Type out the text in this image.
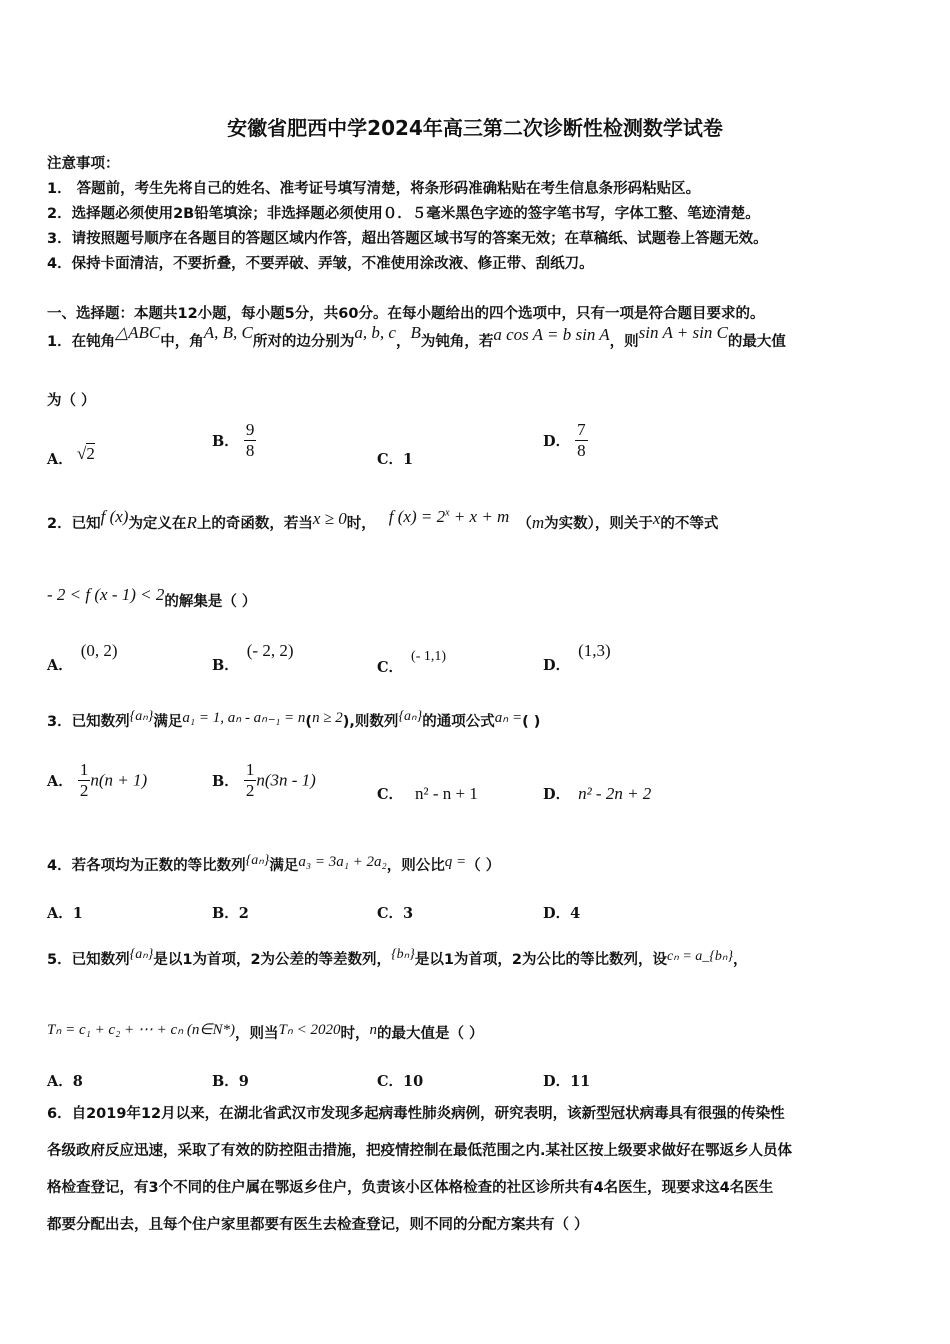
安徽省肥西中学2024年高三第二次诊断性检测数学试卷
注意事项：
1． 答题前，考生先将自己的姓名、准考证号填写清楚，将条形码准确粘贴在考生信息条形码粘贴区。
2．选择题必须使用2B铅笔填涂；非选择题必须使用０．５毫米黑色字迹的签字笔书写，字体工整、笔迹清楚。
3．请按照题号顺序在各题目的答题区域内作答，超出答题区域书写的答案无效；在草稿纸、试题卷上答题无效。
4．保持卡面清洁，不要折叠，不要弄破、弄皱，不准使用涂改液、修正带、刮纸刀。
一、选择题：本题共12小题，每小题5分，共60分。在每小题给出的四个选项中，只有一项是符合题目要求的。
1．在钝角△ABC中，角A, B, C所对的边分别为a, b, c，B为钝角，若a cos A = b sin A，则sin A + sin C的最大值
为（ ）
A． √2
B． $\frac{9}{8}$	C．1
D． $\frac{7}{8}$
2．已知f (x)为定义在R上的奇函数，若当x ≥ 0时， f $(x) = 2^x + x + m$ （m为实数），则关于x的不等式
- 2 < f (x - 1) < 2的解集是（ ）
A．(0, 2)
B．(- 2, 2)
C．(- 1,1)
D．(1,3)
3．已知数列{aₙ}满足a₁ = 1, aₙ - aₙ₋₁ = n(n ≥ 2),则数列{aₙ}的通项公式aₙ =( )
A． $\frac{1}{2} n(n + 1)$	B． $\frac{1}{2} n(3n - 1)$
C． n² - n + 1	D． n² - 2n + 2
4．若各项均为正数的等比数列{aₙ}满足a₃ = 3a₁ + 2a₂，则公比q =（ ）
A．1	B．2	C．3	D．4
5．已知数列{aₙ}是以1为首项，2为公差的等差数列，{bₙ}是以1为首项，2为公比的等比数列，设cₙ = a_{bₙ}，
Tₙ = c₁ + c₂ + ⋯ + cₙ (n∈N*)，则当Tₙ < 2020时，n的最大值是（ ）
A．8	B．9	C．10	D．11
6．自2019年12月以来，在湖北省武汉市发现多起病毒性肺炎病例，研究表明，该新型冠状病毒具有很强的传染性
各级政府反应迅速，采取了有效的防控阻击措施，把疫情控制在最低范围之内.某社区按上级要求做好在鄂返乡人员体
格检查登记，有3个不同的住户属在鄂返乡住户，负责该小区体格检查的社区诊所共有4名医生，现要求这4名医生
都要分配出去，且每个住户家里都要有医生去检查登记，则不同的分配方案共有（ ）
